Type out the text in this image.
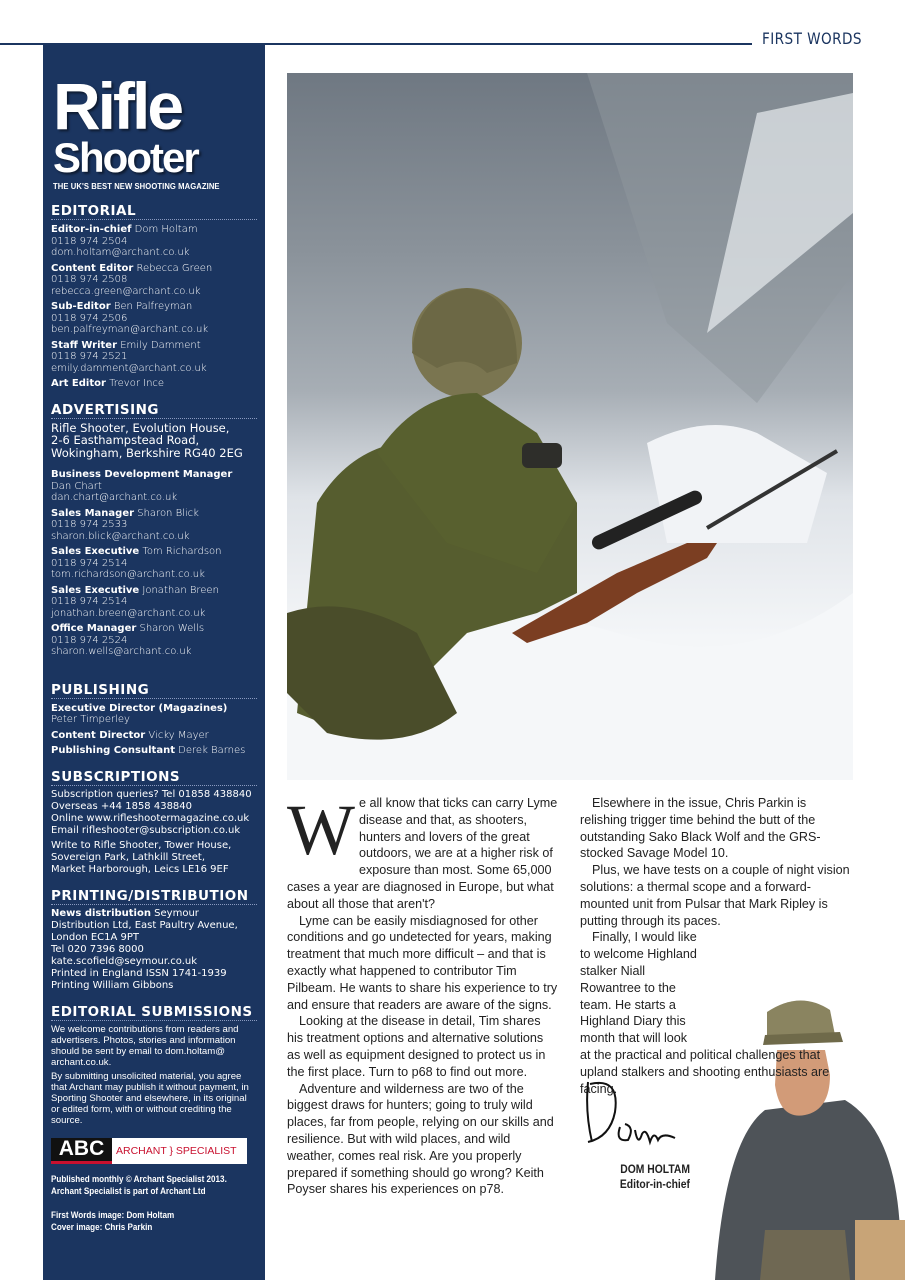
FIRST WORDS
Rifle
Shooter
THE UK'S BEST NEW SHOOTING MAGAZINE
EDITORIAL
Editor-in-chief Dom Holtam
0118 974 2504
dom.holtam@archant.co.uk
Content Editor Rebecca Green
0118 974 2508
rebecca.green@archant.co.uk
Sub-Editor Ben Palfreyman
0118 974 2506
ben.palfreyman@archant.co.uk
Staff Writer Emily Damment
0118 974 2521
emily.damment@archant.co.uk
Art Editor Trevor Ince
ADVERTISING
Rifle Shooter, Evolution House,
2-6 Easthampstead Road,
Wokingham, Berkshire RG40 2EG
Business Development Manager
Dan Chart
dan.chart@archant.co.uk
Sales Manager Sharon Blick
0118 974 2533
sharon.blick@archant.co.uk
Sales Executive Tom Richardson
0118 974 2514
tom.richardson@archant.co.uk
Sales Executive Jonathan Breen
0118 974 2514
jonathan.breen@archant.co.uk
Office Manager Sharon Wells
0118 974 2524
sharon.wells@archant.co.uk
PUBLISHING
Executive Director (Magazines)
Peter Timperley
Content Director Vicky Mayer
Publishing Consultant Derek Barnes
SUBSCRIPTIONS
Subscription queries? Tel 01858 438840
Overseas +44 1858 438840
Online www.rifleshootermagazine.co.uk
Email rifleshooter@subscription.co.uk
Write to Rifle Shooter, Tower House,
Sovereign Park, Lathkill Street,
Market Harborough, Leics LE16 9EF
PRINTING/DISTRIBUTION
News distribution Seymour Distribution Ltd, East Paultry Avenue, London EC1A 9PT
Tel 020 7396 8000
kate.scofield@seymour.co.uk
Printed in England ISSN 1741-1939
Printing William Gibbons
EDITORIAL SUBMISSIONS
We welcome contributions from readers and advertisers. Photos, stories and information should be sent by email to dom.holtam@ archant.co.uk.
By submitting unsolicited material, you agree that Archant may publish it without payment, in Sporting Shooter and elsewhere, in its original or edited form, with or without crediting the source.
ABC	ARCHANT } SPECIALIST
Published monthly © Archant Specialist 2013.
Archant Specialist is part of Archant Ltd
First Words image: Dom Holtam
Cover image: Chris Parkin

We all know that ticks can carry Lyme disease and that, as shooters, hunters and lovers of the great outdoors, we are at a higher risk of exposure than most. Some 65,000 cases a year are diagnosed in Europe, but what about all those that aren't?

Lyme can be easily misdiagnosed for other conditions and go undetected for years, making treatment that much more difficult – and that is exactly what happened to contributor Tim Pilbeam. He wants to share his experience to try and ensure that readers are aware of the signs.

Looking at the disease in detail, Tim shares his treatment options and alternative solutions as well as equipment designed to protect us in the first place. Turn to p68 to find out more.

Adventure and wilderness are two of the biggest draws for hunters; going to truly wild places, far from people, relying on our skills and resilience. But with wild places, and wild weather, comes real risk. Are you properly prepared if something should go wrong? Keith Poyser shares his experiences on p78.

Elsewhere in the issue, Chris Parkin is relishing trigger time behind the butt of the outstanding Sako Black Wolf and the GRS-stocked Savage Model 10.

Plus, we have tests on a couple of night vision solutions: a thermal scope and a forward-mounted unit from Pulsar that Mark Ripley is putting through its paces.

Finally, I would like to welcome Highland stalker Niall Rowantree to the team. He starts a Highland Diary this month that will look at the practical and political challenges that upland stalkers and shooting enthusiasts are facing.

DOM HOLTAM
Editor-in-chief
